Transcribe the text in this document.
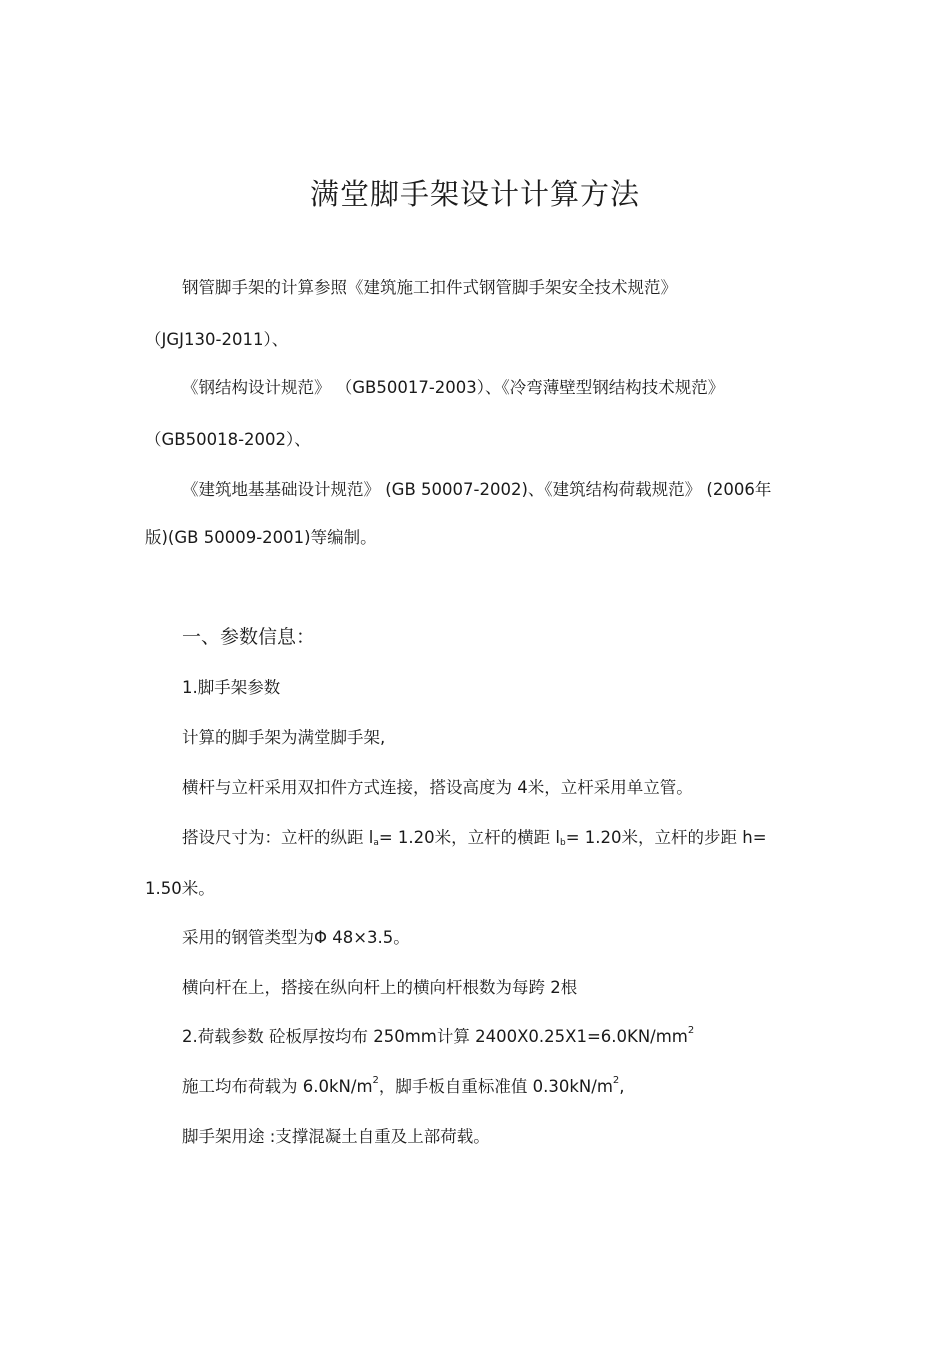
满堂脚手架设计计算方法
钢管脚手架的计算参照《建筑施工扣件式钢管脚手架安全技术规范》
（JGJ130-2011）、
《钢结构设计规范》 （GB50017-2003）、《冷弯薄壁型钢结构技术规范》
（GB50018-2002）、
《建筑地基基础设计规范》 (GB 50007-2002)、《建筑结构荷载规范》 (2006年
版)(GB 50009-2001)等编制。
一、参数信息：
1.脚手架参数
计算的脚手架为满堂脚手架,
横杆与立杆采用双扣件方式连接，搭设高度为 4米，立杆采用单立管。
搭设尺寸为：立杆的纵距 $l_a= 1.20$米，立杆的横距 $l_b= 1.20$米，立杆的步距 h=
1.50米。
采用的钢管类型为Φ 48×3.5。
横向杆在上，搭接在纵向杆上的横向杆根数为每跨 2根
2.荷载参数 砼板厚按均布 250mm计算 $2400X0.25X1=6.0KN/mm^2$
施工均布荷载为 $6.0kN/m^2$，脚手板自重标准值 $0.30kN/m^2$,
脚手架用途 :支撑混凝土自重及上部荷载。
